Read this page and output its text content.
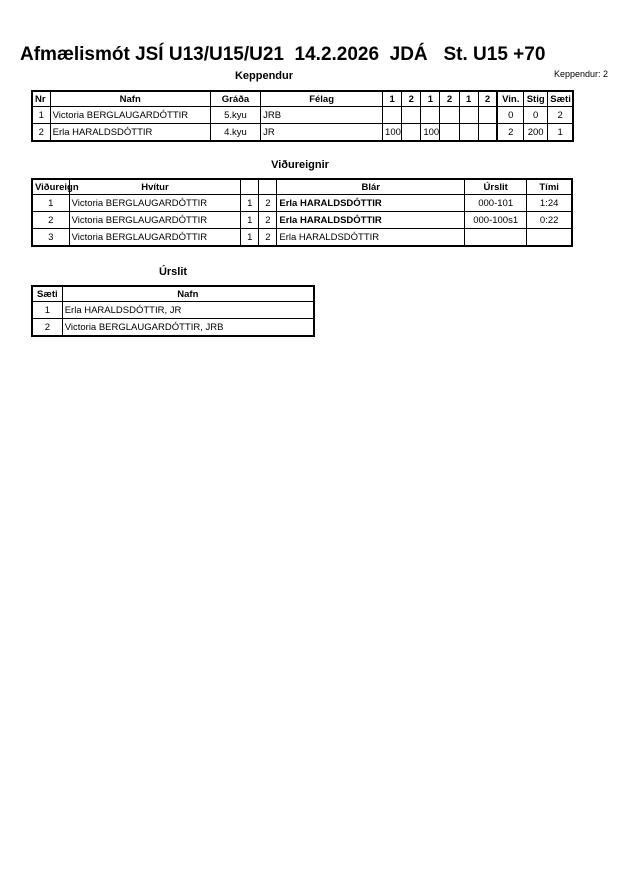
Afmælismót JSÍ U13/U15/U21  14.2.2026  JDÁ   St. U15 +70
Keppendur: 2
Keppendur
Nr	Nafn	Gráða	Félag	1	2	1	2	1	2	Vin.	Stig	Sæti
1	Victoria BERGLAUGARDÓTTIR	5.kyu	JRB							0	0	2
2	Erla HARALDSDÓTTIR	4.kyu	JR	100		100				2	200	1
Viðureignir
Viðureign	Hvítur			Blár	Úrslit	Tími
1	Victoria BERGLAUGARDÓTTIR	1	2	Erla HARALDSDÓTTIR	000-101	1:24
2	Victoria BERGLAUGARDÓTTIR	1	2	Erla HARALDSDÓTTIR	000-100s1	0:22
3	Victoria BERGLAUGARDÓTTIR	1	2	Erla HARALDSDÓTTIR		
Úrslit
Sæti	Nafn
1	Erla HARALDSDÓTTIR, JR
2	Victoria BERGLAUGARDÓTTIR, JRB
